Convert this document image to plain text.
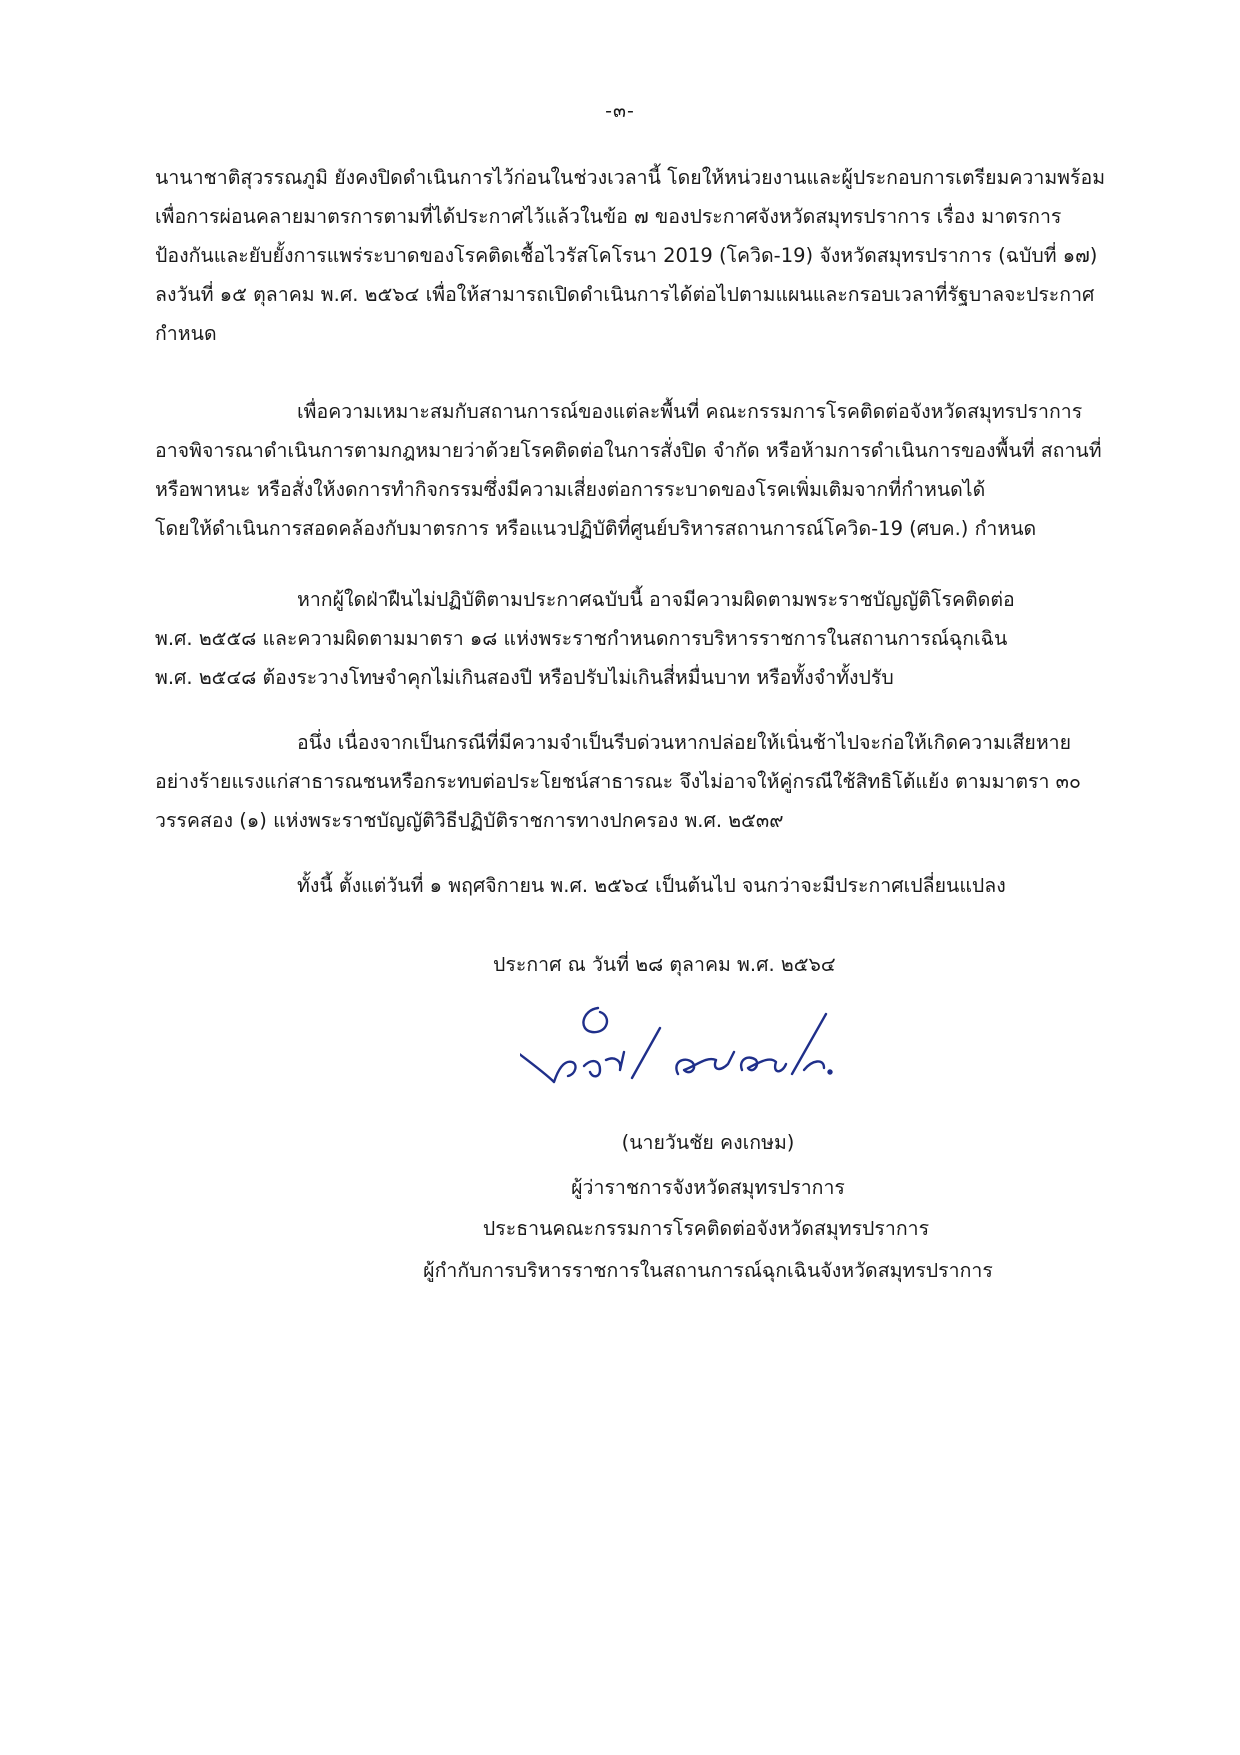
-๓-

นานาชาติสุวรรณภูมิ ยังคงปิดดำเนินการไว้ก่อนในช่วงเวลานี้ โดยให้หน่วยงานและผู้ประกอบการเตรียมความพร้อม
เพื่อการผ่อนคลายมาตรการตามที่ได้ประกาศไว้แล้วในข้อ ๗ ของประกาศจังหวัดสมุทรปราการ เรื่อง มาตรการ
ป้องกันและยับยั้งการแพร่ระบาดของโรคติดเชื้อไวรัสโคโรนา 2019 (โควิด-19) จังหวัดสมุทรปราการ (ฉบับที่ ๑๗)
ลงวันที่ ๑๕ ตุลาคม พ.ศ. ๒๕๖๔ เพื่อให้สามารถเปิดดำเนินการได้ต่อไปตามแผนและกรอบเวลาที่รัฐบาลจะประกาศ
กำหนด

เพื่อความเหมาะสมกับสถานการณ์ของแต่ละพื้นที่ คณะกรรมการโรคติดต่อจังหวัดสมุทรปราการ
อาจพิจารณาดำเนินการตามกฎหมายว่าด้วยโรคติดต่อในการสั่งปิด จำกัด หรือห้ามการดำเนินการของพื้นที่ สถานที่
หรือพาหนะ หรือสั่งให้งดการทำกิจกรรมซึ่งมีความเสี่ยงต่อการระบาดของโรคเพิ่มเติมจากที่กำหนดได้
โดยให้ดำเนินการสอดคล้องกับมาตรการ หรือแนวปฏิบัติที่ศูนย์บริหารสถานการณ์โควิด-19 (ศบค.) กำหนด

หากผู้ใดฝ่าฝืนไม่ปฏิบัติตามประกาศฉบับนี้ อาจมีความผิดตามพระราชบัญญัติโรคติดต่อ
พ.ศ. ๒๕๕๘ และความผิดตามมาตรา ๑๘ แห่งพระราชกำหนดการบริหารราชการในสถานการณ์ฉุกเฉิน
พ.ศ. ๒๕๔๘ ต้องระวางโทษจำคุกไม่เกินสองปี หรือปรับไม่เกินสี่หมื่นบาท หรือทั้งจำทั้งปรับ

อนึ่ง เนื่องจากเป็นกรณีที่มีความจำเป็นรีบด่วนหากปล่อยให้เนิ่นช้าไปจะก่อให้เกิดความเสียหาย
อย่างร้ายแรงแก่สาธารณชนหรือกระทบต่อประโยชน์สาธารณะ จึงไม่อาจให้คู่กรณีใช้สิทธิโต้แย้ง ตามมาตรา ๓๐
วรรคสอง (๑) แห่งพระราชบัญญัติวิธีปฏิบัติราชการทางปกครอง พ.ศ. ๒๕๓๙

ทั้งนี้ ตั้งแต่วันที่ ๑ พฤศจิกายน พ.ศ. ๒๕๖๔ เป็นต้นไป จนกว่าจะมีประกาศเปลี่ยนแปลง

ประกาศ ณ วันที่ ๒๘ ตุลาคม พ.ศ. ๒๕๖๔
(นายวันชัย คงเกษม)
ผู้ว่าราชการจังหวัดสมุทรปราการ
ประธานคณะกรรมการโรคติดต่อจังหวัดสมุทรปราการ
ผู้กำกับการบริหารราชการในสถานการณ์ฉุกเฉินจังหวัดสมุทรปราการ
